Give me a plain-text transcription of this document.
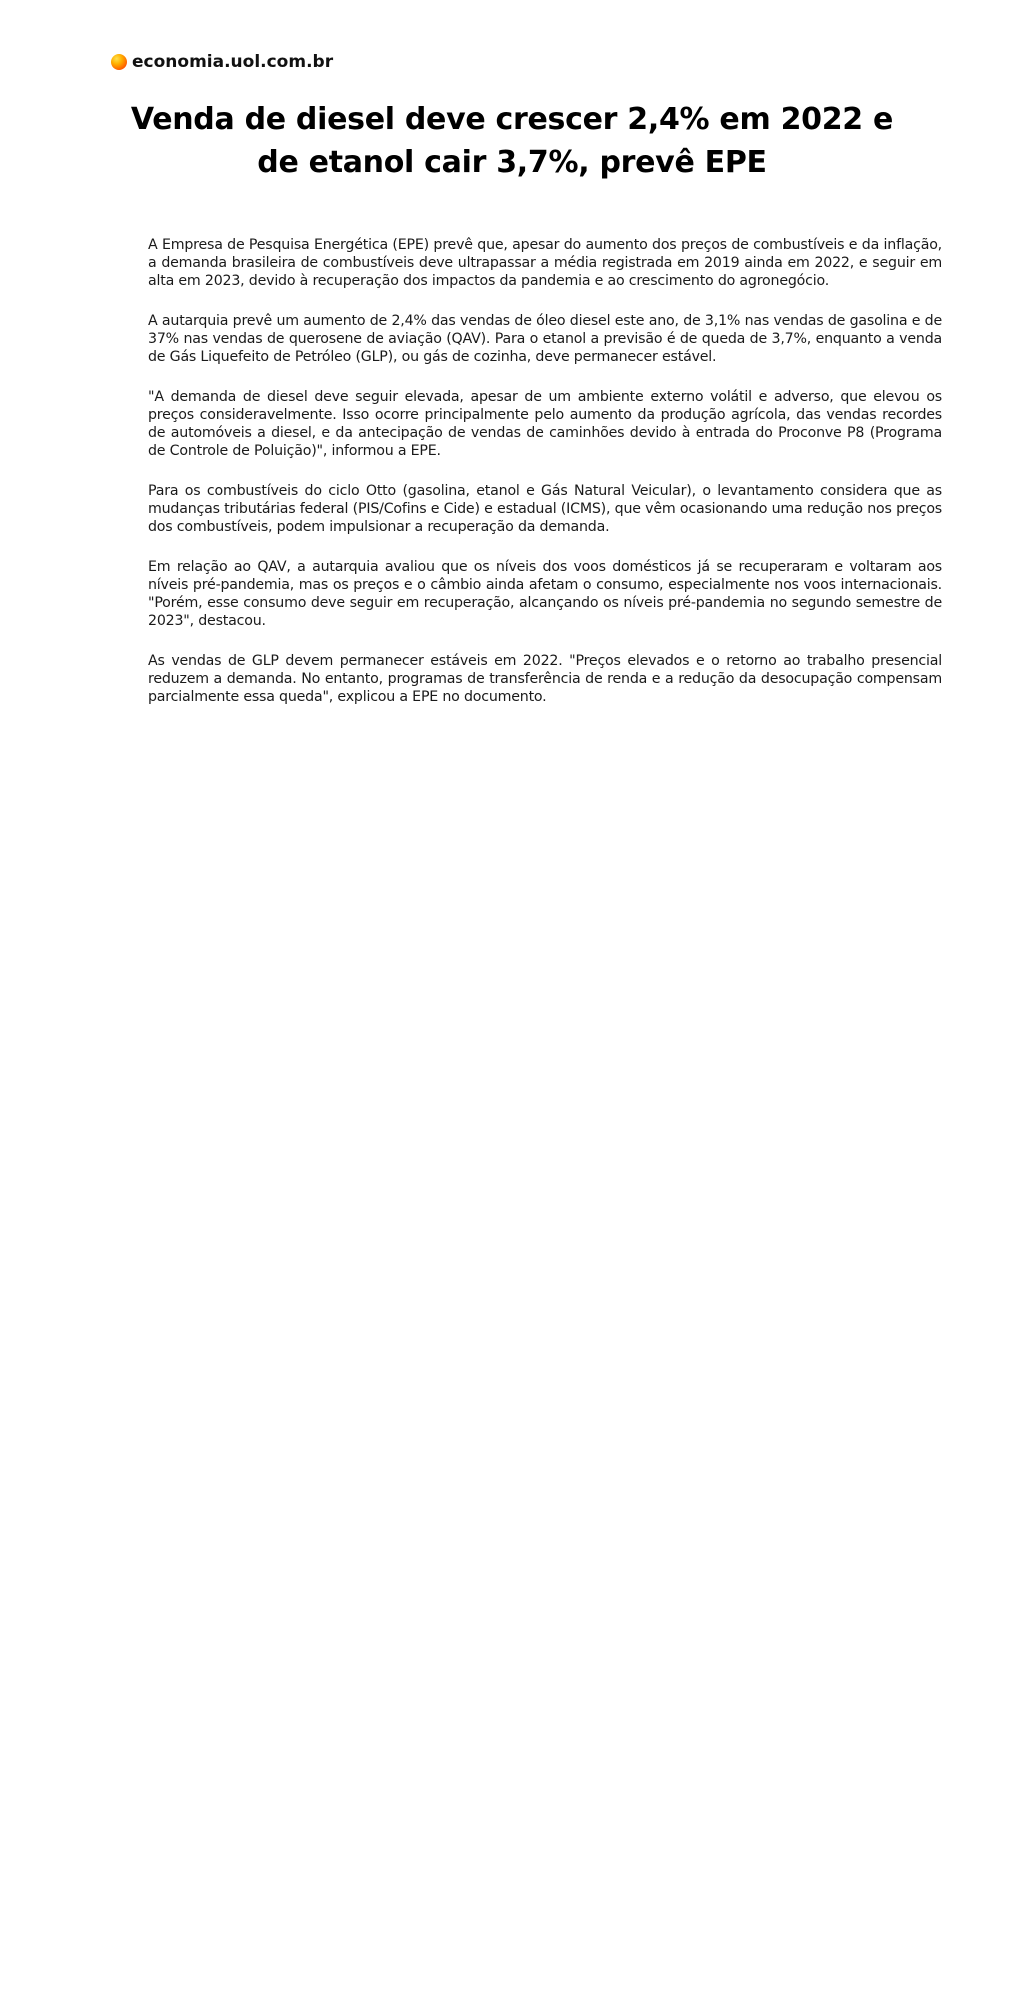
economia.uol.com.br
Venda de diesel deve crescer 2,4% em 2022 e de etanol cair 3,7%, prevê EPE

A Empresa de Pesquisa Energética (EPE) prevê que, apesar do aumento dos preços de combustíveis e da inflação, a demanda brasileira de combustíveis deve ultrapassar a média registrada em 2019 ainda em 2022, e seguir em alta em 2023, devido à recuperação dos impactos da pandemia e ao crescimento do agronegócio.

A autarquia prevê um aumento de 2,4% das vendas de óleo diesel este ano, de 3,1% nas vendas de gasolina e de 37% nas vendas de querosene de aviação (QAV). Para o etanol a previsão é de queda de 3,7%, enquanto a venda de Gás Liquefeito de Petróleo (GLP), ou gás de cozinha, deve permanecer estável.

"A demanda de diesel deve seguir elevada, apesar de um ambiente externo volátil e adverso, que elevou os preços consideravelmente. Isso ocorre principalmente pelo aumento da produção agrícola, das vendas recordes de automóveis a diesel, e da antecipação de vendas de caminhões devido à entrada do Proconve P8 (Programa de Controle de Poluição)", informou a EPE.

Para os combustíveis do ciclo Otto (gasolina, etanol e Gás Natural Veicular), o levantamento considera que as mudanças tributárias federal (PIS/Cofins e Cide) e estadual (ICMS), que vêm ocasionando uma redução nos preços dos combustíveis, podem impulsionar a recuperação da demanda.

Em relação ao QAV, a autarquia avaliou que os níveis dos voos domésticos já se recuperaram e voltaram aos níveis pré-pandemia, mas os preços e o câmbio ainda afetam o consumo, especialmente nos voos internacionais. "Porém, esse consumo deve seguir em recuperação, alcançando os níveis pré-pandemia no segundo semestre de 2023", destacou.

As vendas de GLP devem permanecer estáveis em 2022. "Preços elevados e o retorno ao trabalho presencial reduzem a demanda. No entanto, programas de transferência de renda e a redução da desocupação compensam parcialmente essa queda", explicou a EPE no documento.
